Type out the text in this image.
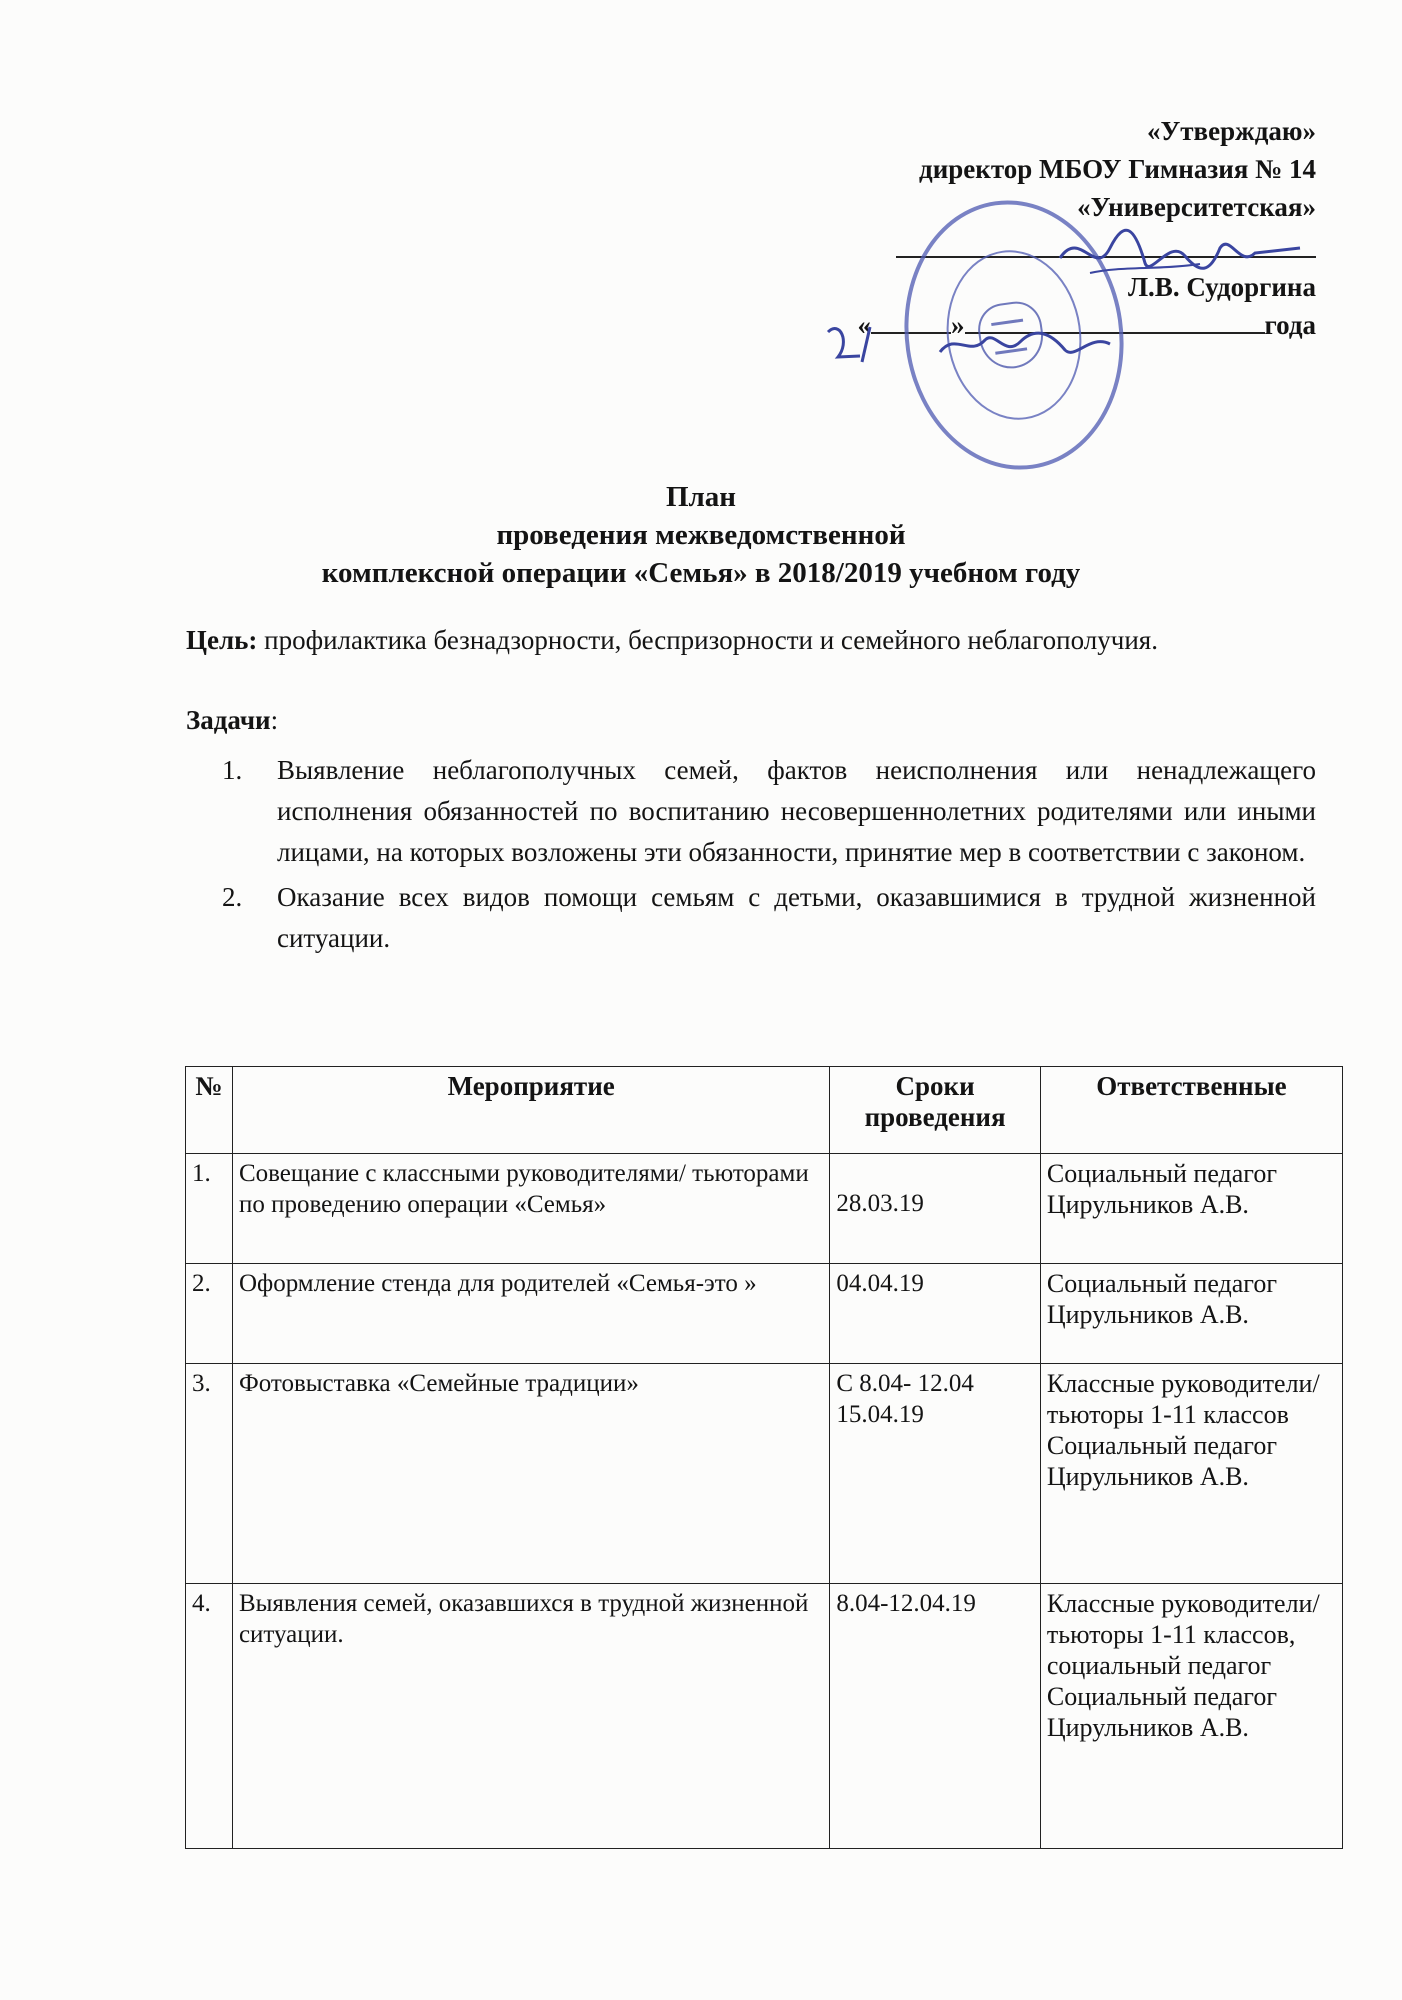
«Утверждаю»
директор МБОУ Гимназия № 14
«Университетская»
Л.В. Судоргина
«	»	года
План
проведения межведомственной
комплексной операции «Семья» в 2018/2019 учебном году
Цель: профилактика безнадзорности, беспризорности и семейного неблагополучия.
Задачи:
1. Выявление неблагополучных семей, фактов неисполнения или ненадлежащего исполнения обязанностей по воспитанию несовершеннолетних родителями или иными лицами, на которых возложены эти обязанности, принятие мер в соответствии с законом.
2. Оказание всех видов помощи семьям с детьми, оказавшимися в трудной жизненной ситуации.
№	Мероприятие	Сроки проведения	Ответственные
1.	Совещание с классными руководителями/ тьюторами по проведению операции «Семья»	28.03.19	Социальный педагог Цирульников А.В.
2.	Оформление стенда для родителей «Семья-это »	04.04.19	Социальный педагог Цирульников А.В.
3.	Фотовыставка «Семейные традиции»	С 8.04- 12.04 15.04.19	Классные руководители/ тьюторы 1-11 классов Социальный педагог Цирульников А.В.
4.	Выявления семей, оказавшихся в трудной жизненной ситуации.	8.04-12.04.19	Классные руководители/ тьюторы 1-11 классов, социальный педагог Социальный педагог Цирульников А.В.
